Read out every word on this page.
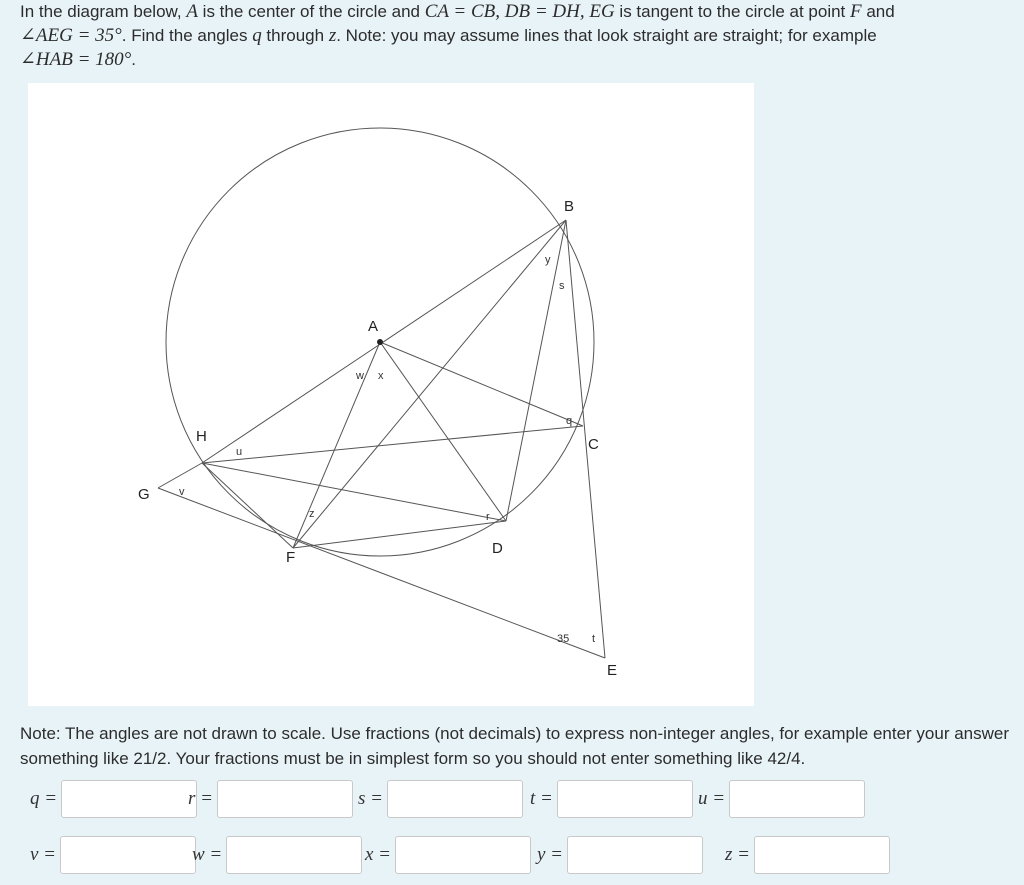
In the diagram below, A is the center of the circle and CA = CB, DB = DH, EG is tangent to the circle at point F and
∠AEG = 35°. Find the angles q through z. Note: you may assume lines that look straight are straight; for example
∠HAB = 180°.
A
B
C
D
E
F
G
H
w x
y
s
q
u
v
z	r
t
35
Note: The angles are not drawn to scale. Use fractions (not decimals) to express non-integer angles, for example enter your answer something like 21/2. Your fractions must be in simplest form so you should not enter something like 42/4.
q =	r =	s =	t =	u =
v =	w =	x =	y =	z =
